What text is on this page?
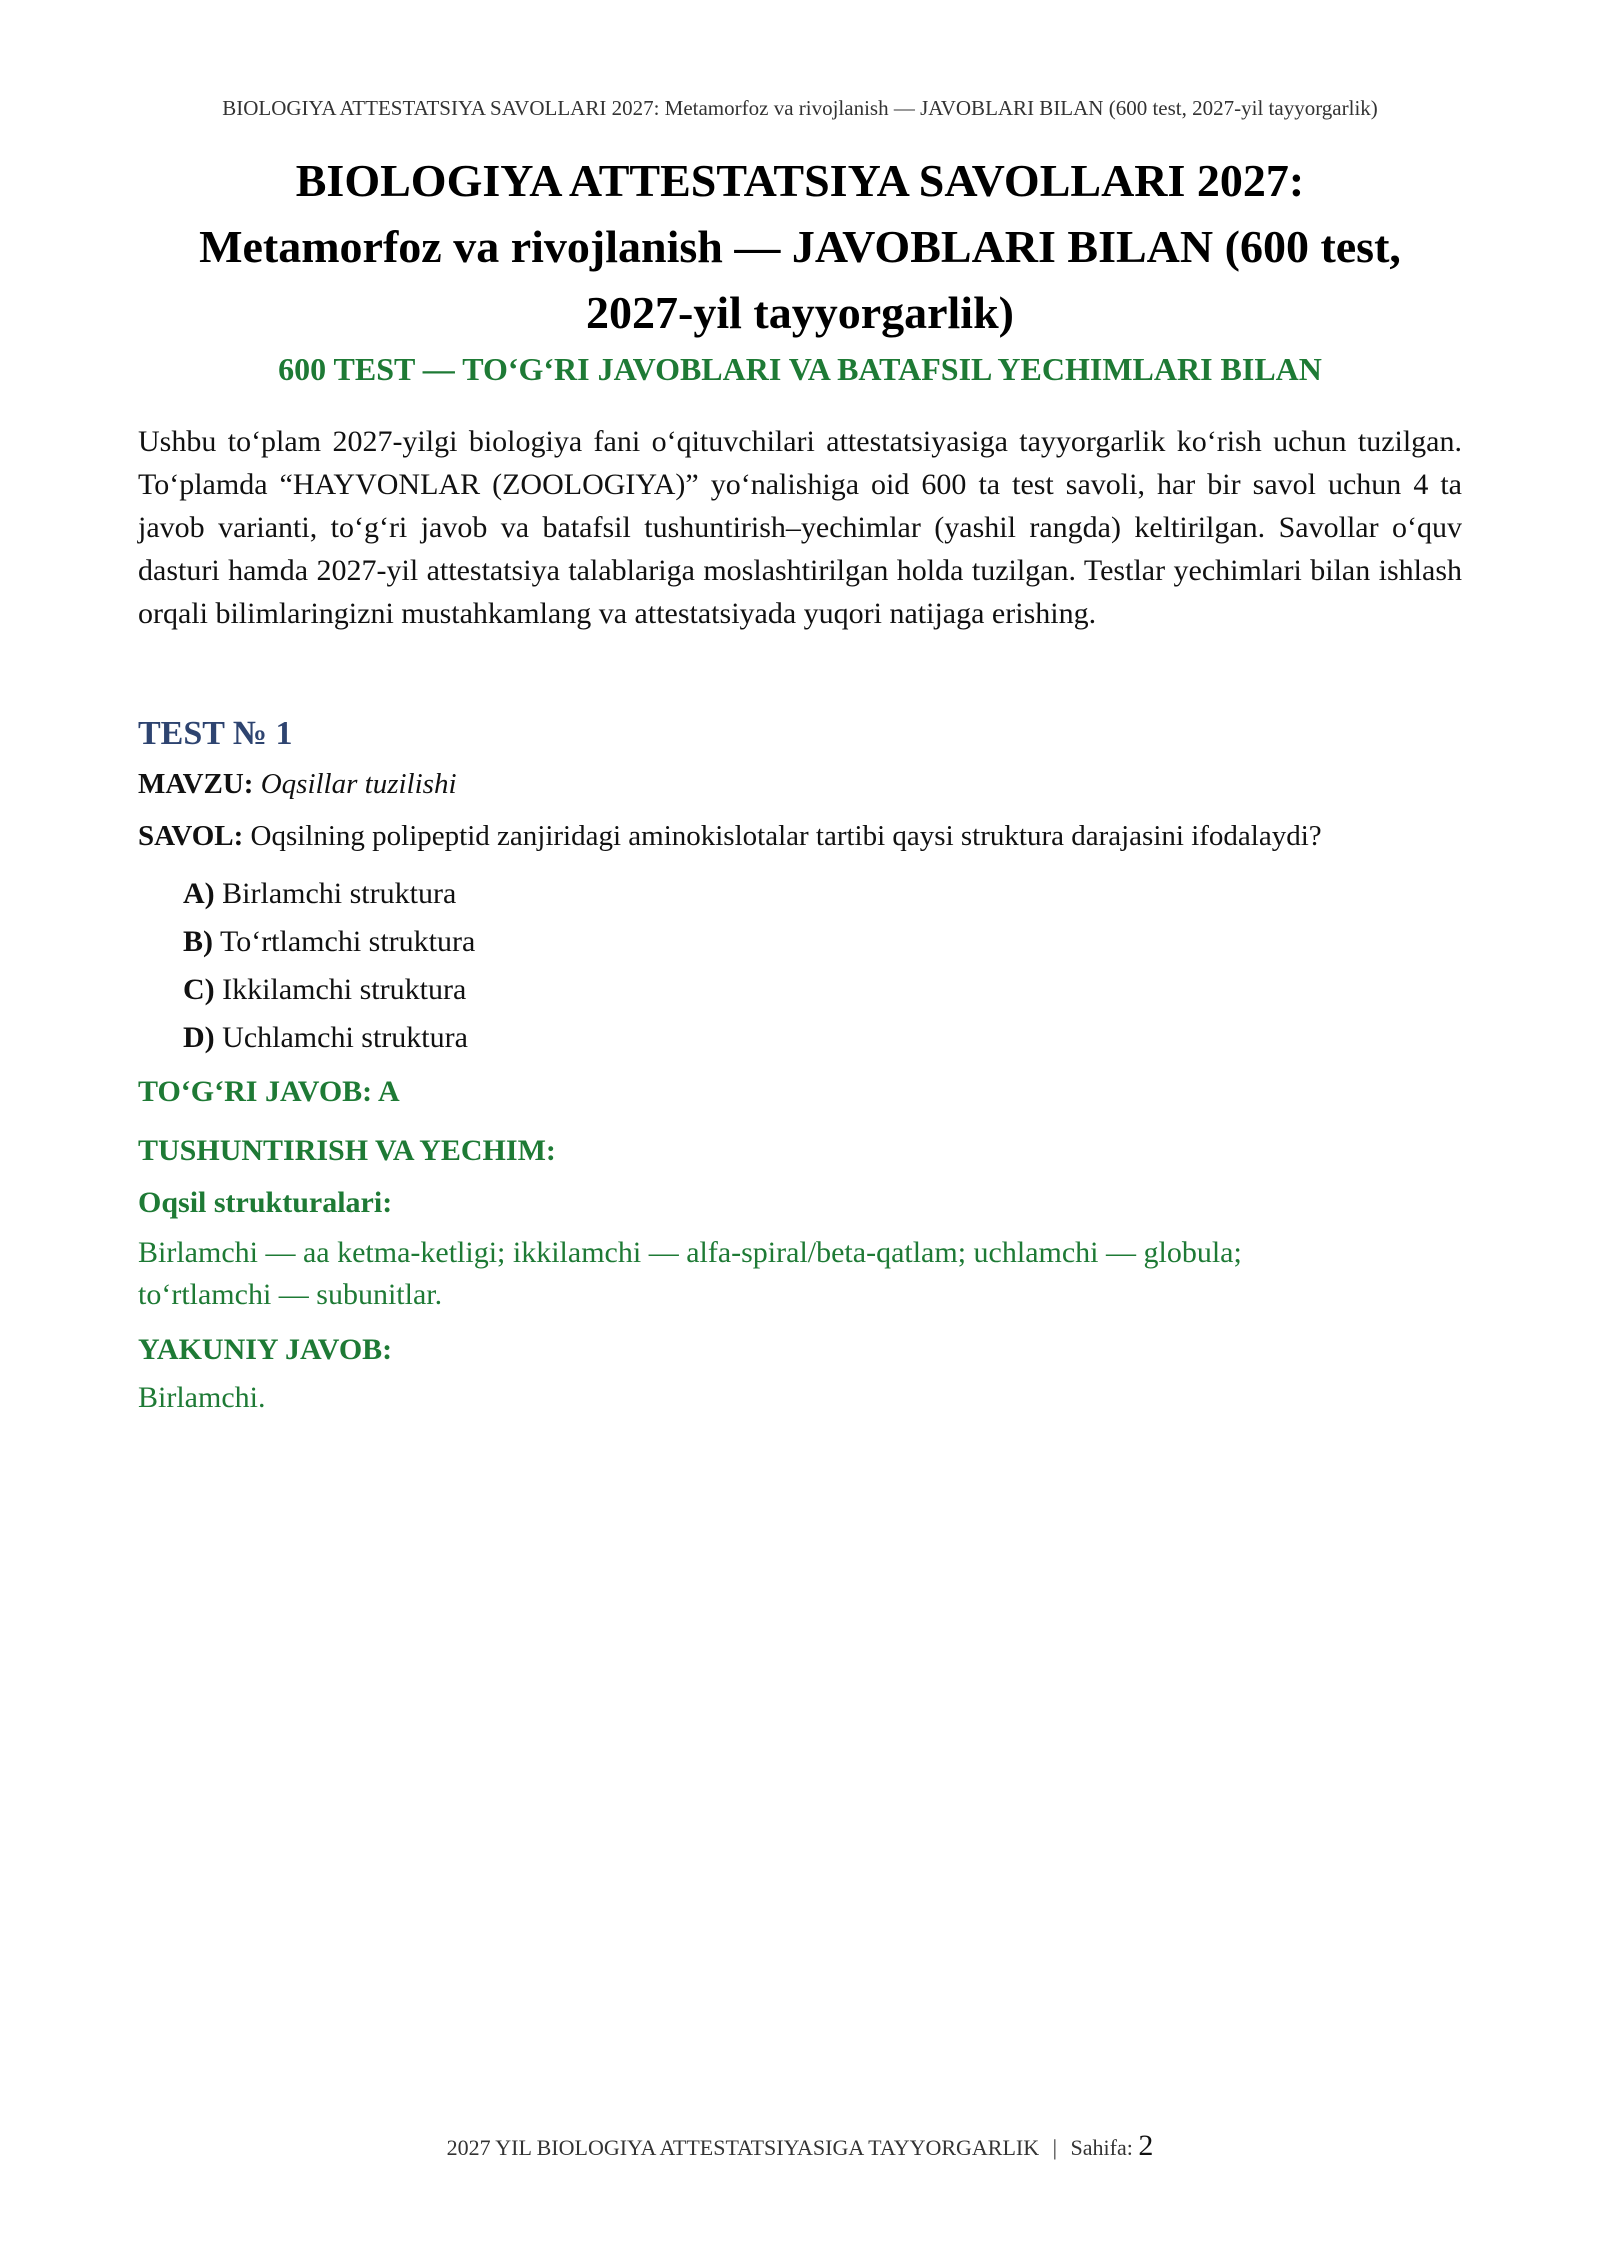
BIOLOGIYA ATTESTATSIYA SAVOLLARI 2027: Metamorfoz va rivojlanish — JAVOBLARI BILAN (600 test, 2027-yil tayyorgarlik)
BIOLOGIYA ATTESTATSIYA SAVOLLARI 2027:
Metamorfoz va rivojlanish — JAVOBLARI BILAN (600 test,
2027-yil tayyorgarlik)
600 TEST — TO‘G‘RI JAVOBLARI VA BATAFSIL YECHIMLARI BILAN
Ushbu to‘plam 2027-yilgi biologiya fani o‘qituvchilari attestatsiyasiga tayyorgarlik ko‘rish uchun tuzilgan. To‘plamda “HAYVONLAR (ZOOLOGIYA)” yo‘nalishiga oid 600 ta test savoli, har bir savol uchun 4 ta javob varianti, to‘g‘ri javob va batafsil tushuntirish–yechimlar (yashil rangda) keltirilgan. Savollar o‘quv dasturi hamda 2027-yil attestatsiya talablariga moslashtirilgan holda tuzilgan. Testlar yechimlari bilan ishlash orqali bilimlaringizni mustahkamlang va attestatsiyada yuqori natijaga erishing.
TEST № 1
MAVZU: Oqsillar tuzilishi
SAVOL: Oqsilning polipeptid zanjiridagi aminokislotalar tartibi qaysi struktura darajasini ifodalaydi?
A) Birlamchi struktura
B) To‘rtlamchi struktura
C) Ikkilamchi struktura
D) Uchlamchi struktura
TO‘G‘RI JAVOB: A
TUSHUNTIRISH VA YECHIM:
Oqsil strukturalari:
Birlamchi — aa ketma-ketligi; ikkilamchi — alfa-spiral/beta-qatlam; uchlamchi — globula; to‘rtlamchi — subunitlar.
YAKUNIY JAVOB:
Birlamchi.
2027 YIL BIOLOGIYA ATTESTATSIYASIGA TAYYORGARLIK | Sahifa: 2
